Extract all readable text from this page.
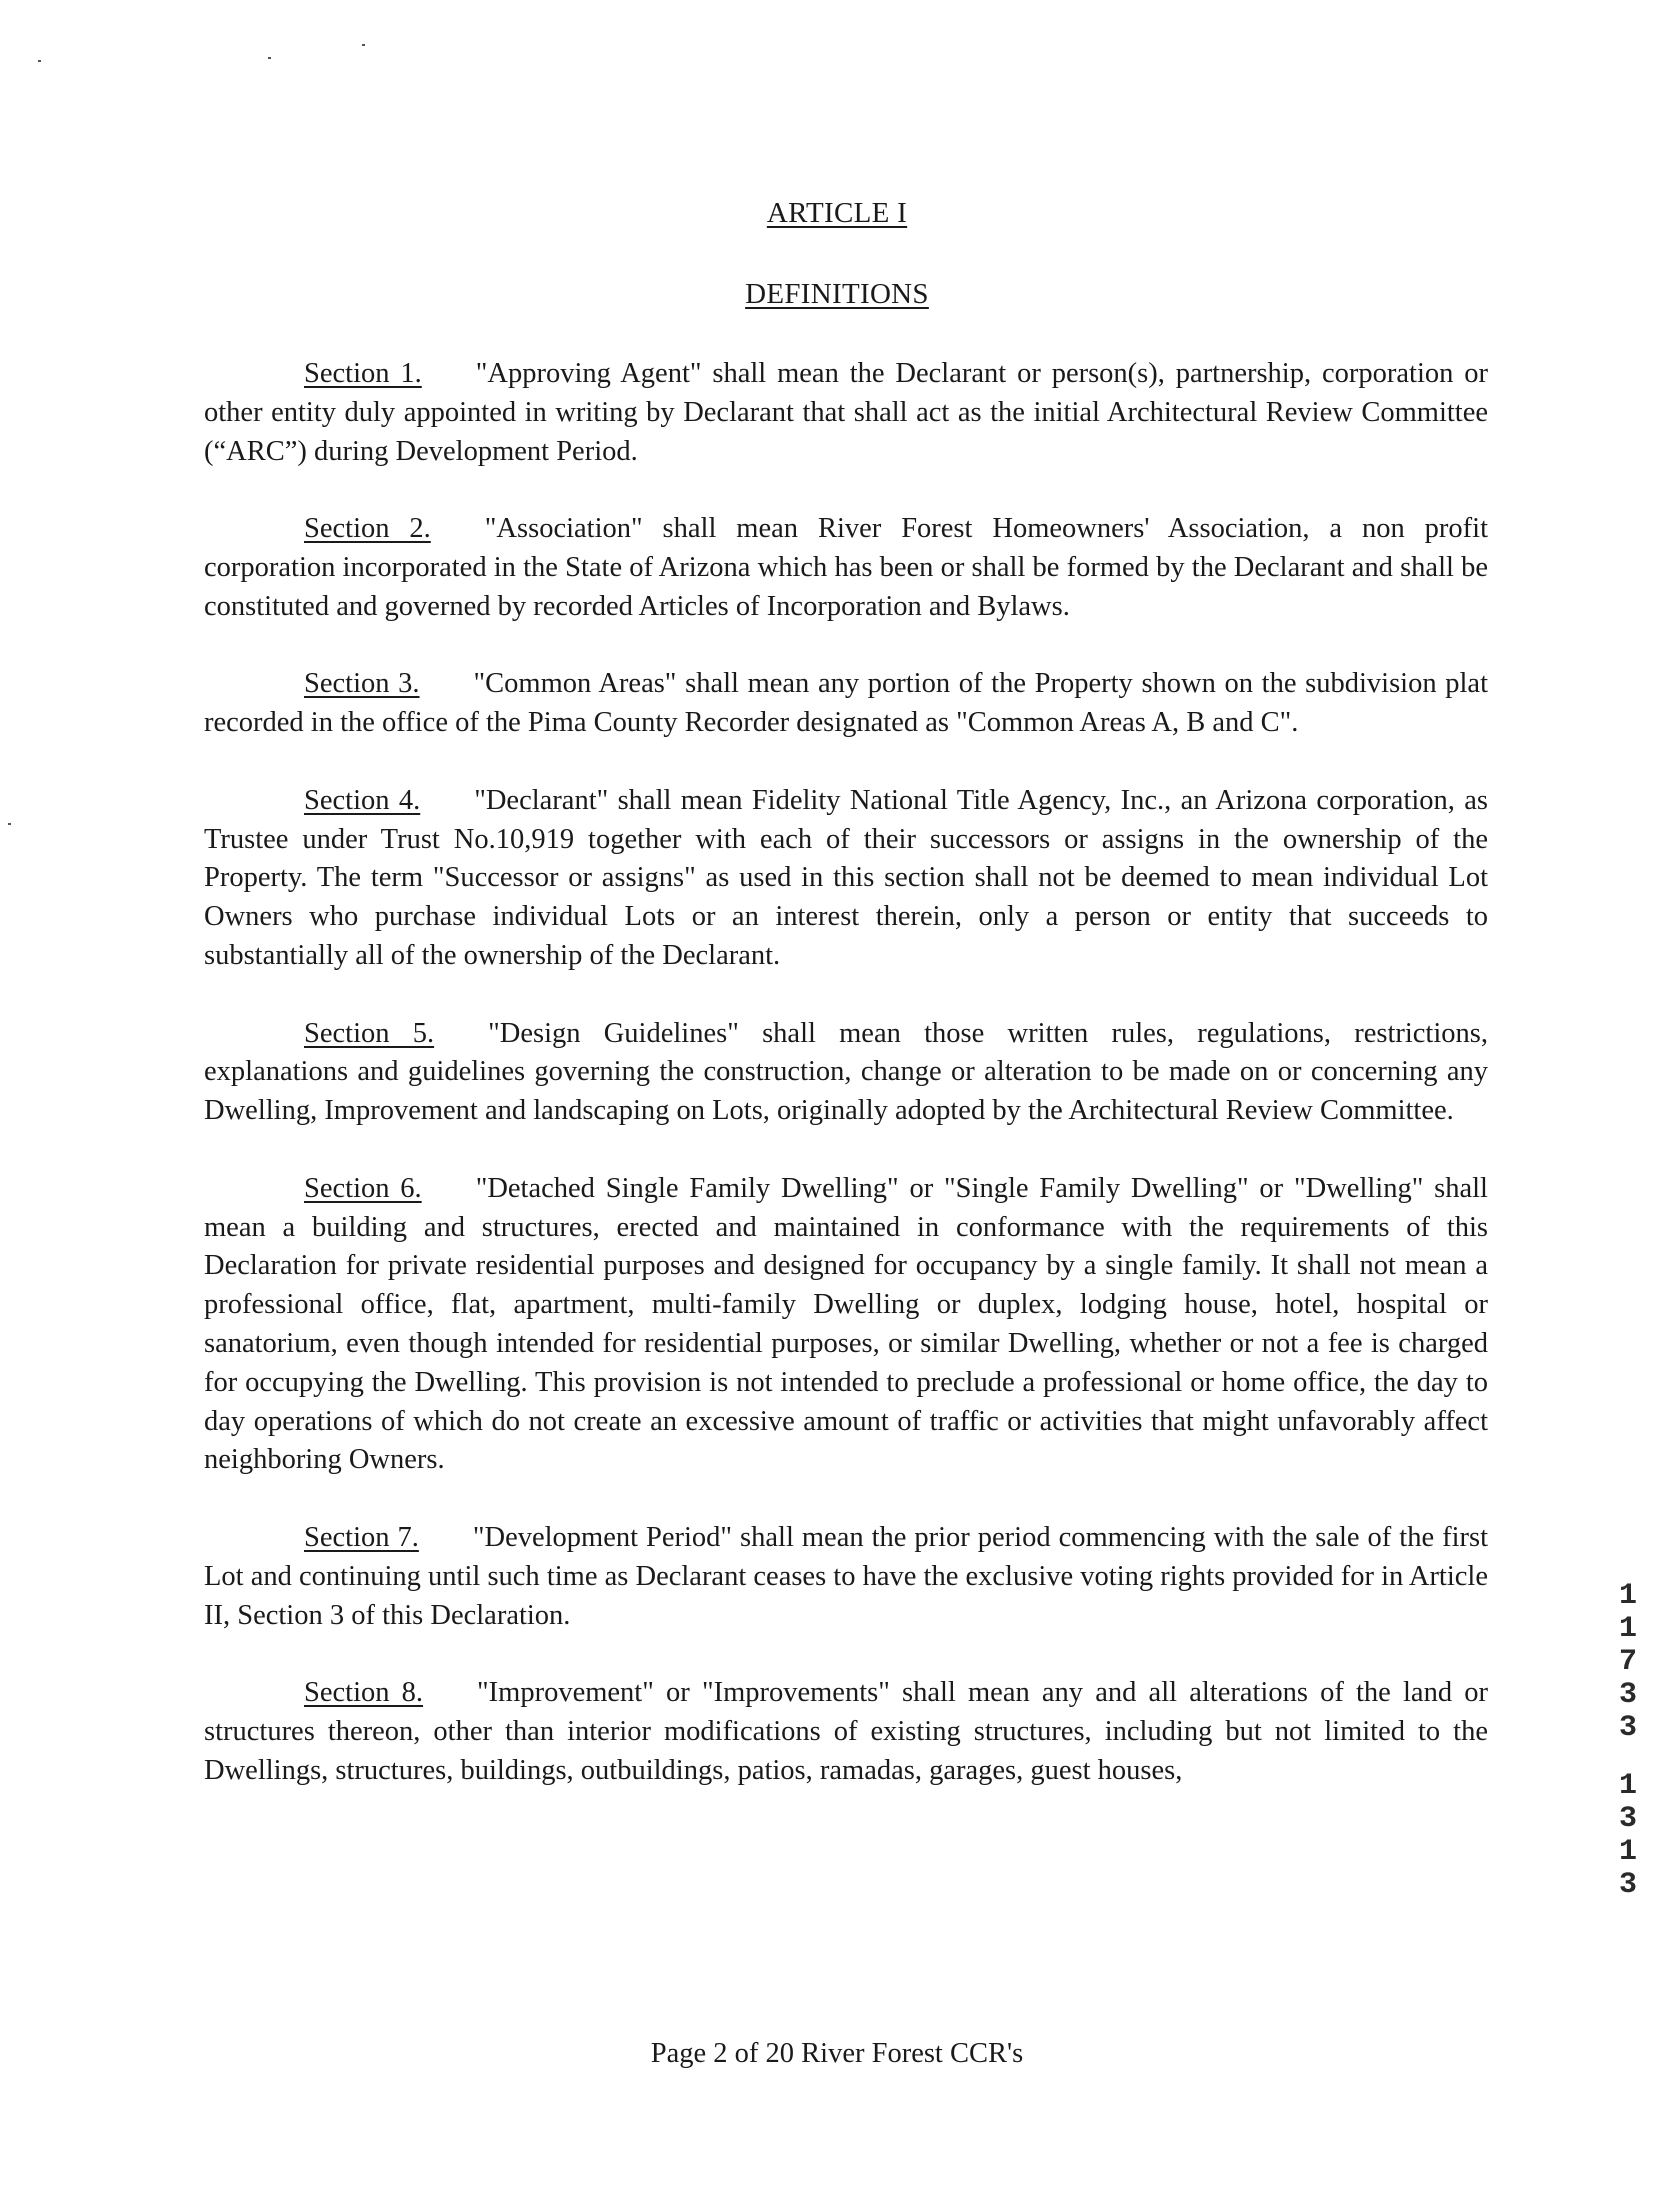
ARTICLE I
DEFINITIONS

Section 1. "Approving Agent" shall mean the Declarant or person(s), partnership, corporation or other entity duly appointed in writing by Declarant that shall act as the initial Architectural Review Committee (“ARC”) during Development Period.

Section 2. "Association" shall mean River Forest Homeowners' Association, a non profit corporation incorporated in the State of Arizona which has been or shall be formed by the Declarant and shall be constituted and governed by recorded Articles of Incorporation and Bylaws.

Section 3. "Common Areas" shall mean any portion of the Property shown on the subdivision plat recorded in the office of the Pima County Recorder designated as "Common Areas A, B and C".

Section 4. "Declarant" shall mean Fidelity National Title Agency, Inc., an Arizona corporation, as Trustee under Trust No.10,919 together with each of their successors or assigns in the ownership of the Property. The term "Successor or assigns" as used in this section shall not be deemed to mean individual Lot Owners who purchase individual Lots or an interest therein, only a person or entity that succeeds to substantially all of the ownership of the Declarant.

Section 5. "Design Guidelines" shall mean those written rules, regulations, restrictions, explanations and guidelines governing the construction, change or alteration to be made on or concerning any Dwelling, Improvement and landscaping on Lots, originally adopted by the Architectural Review Committee.

Section 6. "Detached Single Family Dwelling" or "Single Family Dwelling" or "Dwelling" shall mean a building and structures, erected and maintained in conformance with the requirements of this Declaration for private residential purposes and designed for occupancy by a single family. It shall not mean a professional office, flat, apartment, multi-family Dwelling or duplex, lodging house, hotel, hospital or sanatorium, even though intended for residential purposes, or similar Dwelling, whether or not a fee is charged for occupying the Dwelling. This provision is not intended to preclude a professional or home office, the day to day operations of which do not create an excessive amount of traffic or activities that might unfavorably affect neighboring Owners.

Section 7. "Development Period" shall mean the prior period commencing with the sale of the first Lot and continuing until such time as Declarant ceases to have the exclusive voting rights provided for in Article II, Section 3 of this Declaration.

Section 8. "Improvement" or "Improvements" shall mean any and all alterations of the land or structures thereon, other than interior modifications of existing structures, including but not limited to the Dwellings, structures, buildings, outbuildings, patios, ramadas, garages, guest houses,

Page 2 of 20 River Forest CCR's
1
1
7
3
3
1
3
1
3
